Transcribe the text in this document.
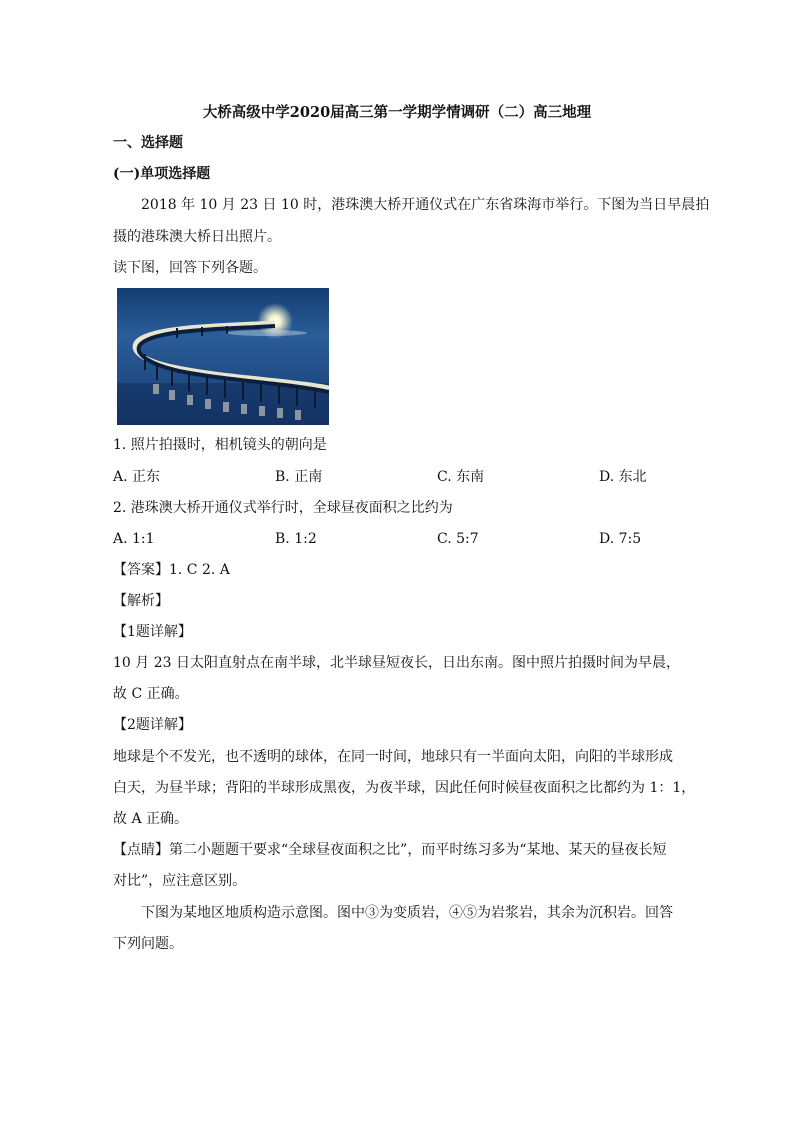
大桥高级中学2020届高三第一学期学情调研（二）高三地理
一、选择题
(一)单项选择题
2018 年 10 月 23 日 10 时，港珠澳大桥开通仪式在广东省珠海市举行。下图为当日早晨拍
摄的港珠澳大桥日出照片。
读下图，回答下列各题。
1. 照片拍摄时，相机镜头的朝向是
A. 正东	B. 正南	C. 东南	D. 东北
2. 港珠澳大桥开通仪式举行时，全球昼夜面积之比约为
A. 1:1	B. 1:2	C. 5:7	D. 7:5
【答案】1. C 2. A
【解析】
【1题详解】
10 月 23 日太阳直射点在南半球，北半球昼短夜长，日出东南。图中照片拍摄时间为早晨，
故 C 正确。
【2题详解】
地球是个不发光，也不透明的球体，在同一时间，地球只有一半面向太阳，向阳的半球形成
白天，为昼半球；背阳的半球形成黑夜，为夜半球，因此任何时候昼夜面积之比都约为 1：1，
故 A 正确。
【点睛】第二小题题干要求“全球昼夜面积之比”，而平时练习多为“某地、某天的昼夜长短
对比”，应注意区别。
下图为某地区地质构造示意图。图中③为变质岩，④⑤为岩浆岩，其余为沉积岩。回答
下列问题。
